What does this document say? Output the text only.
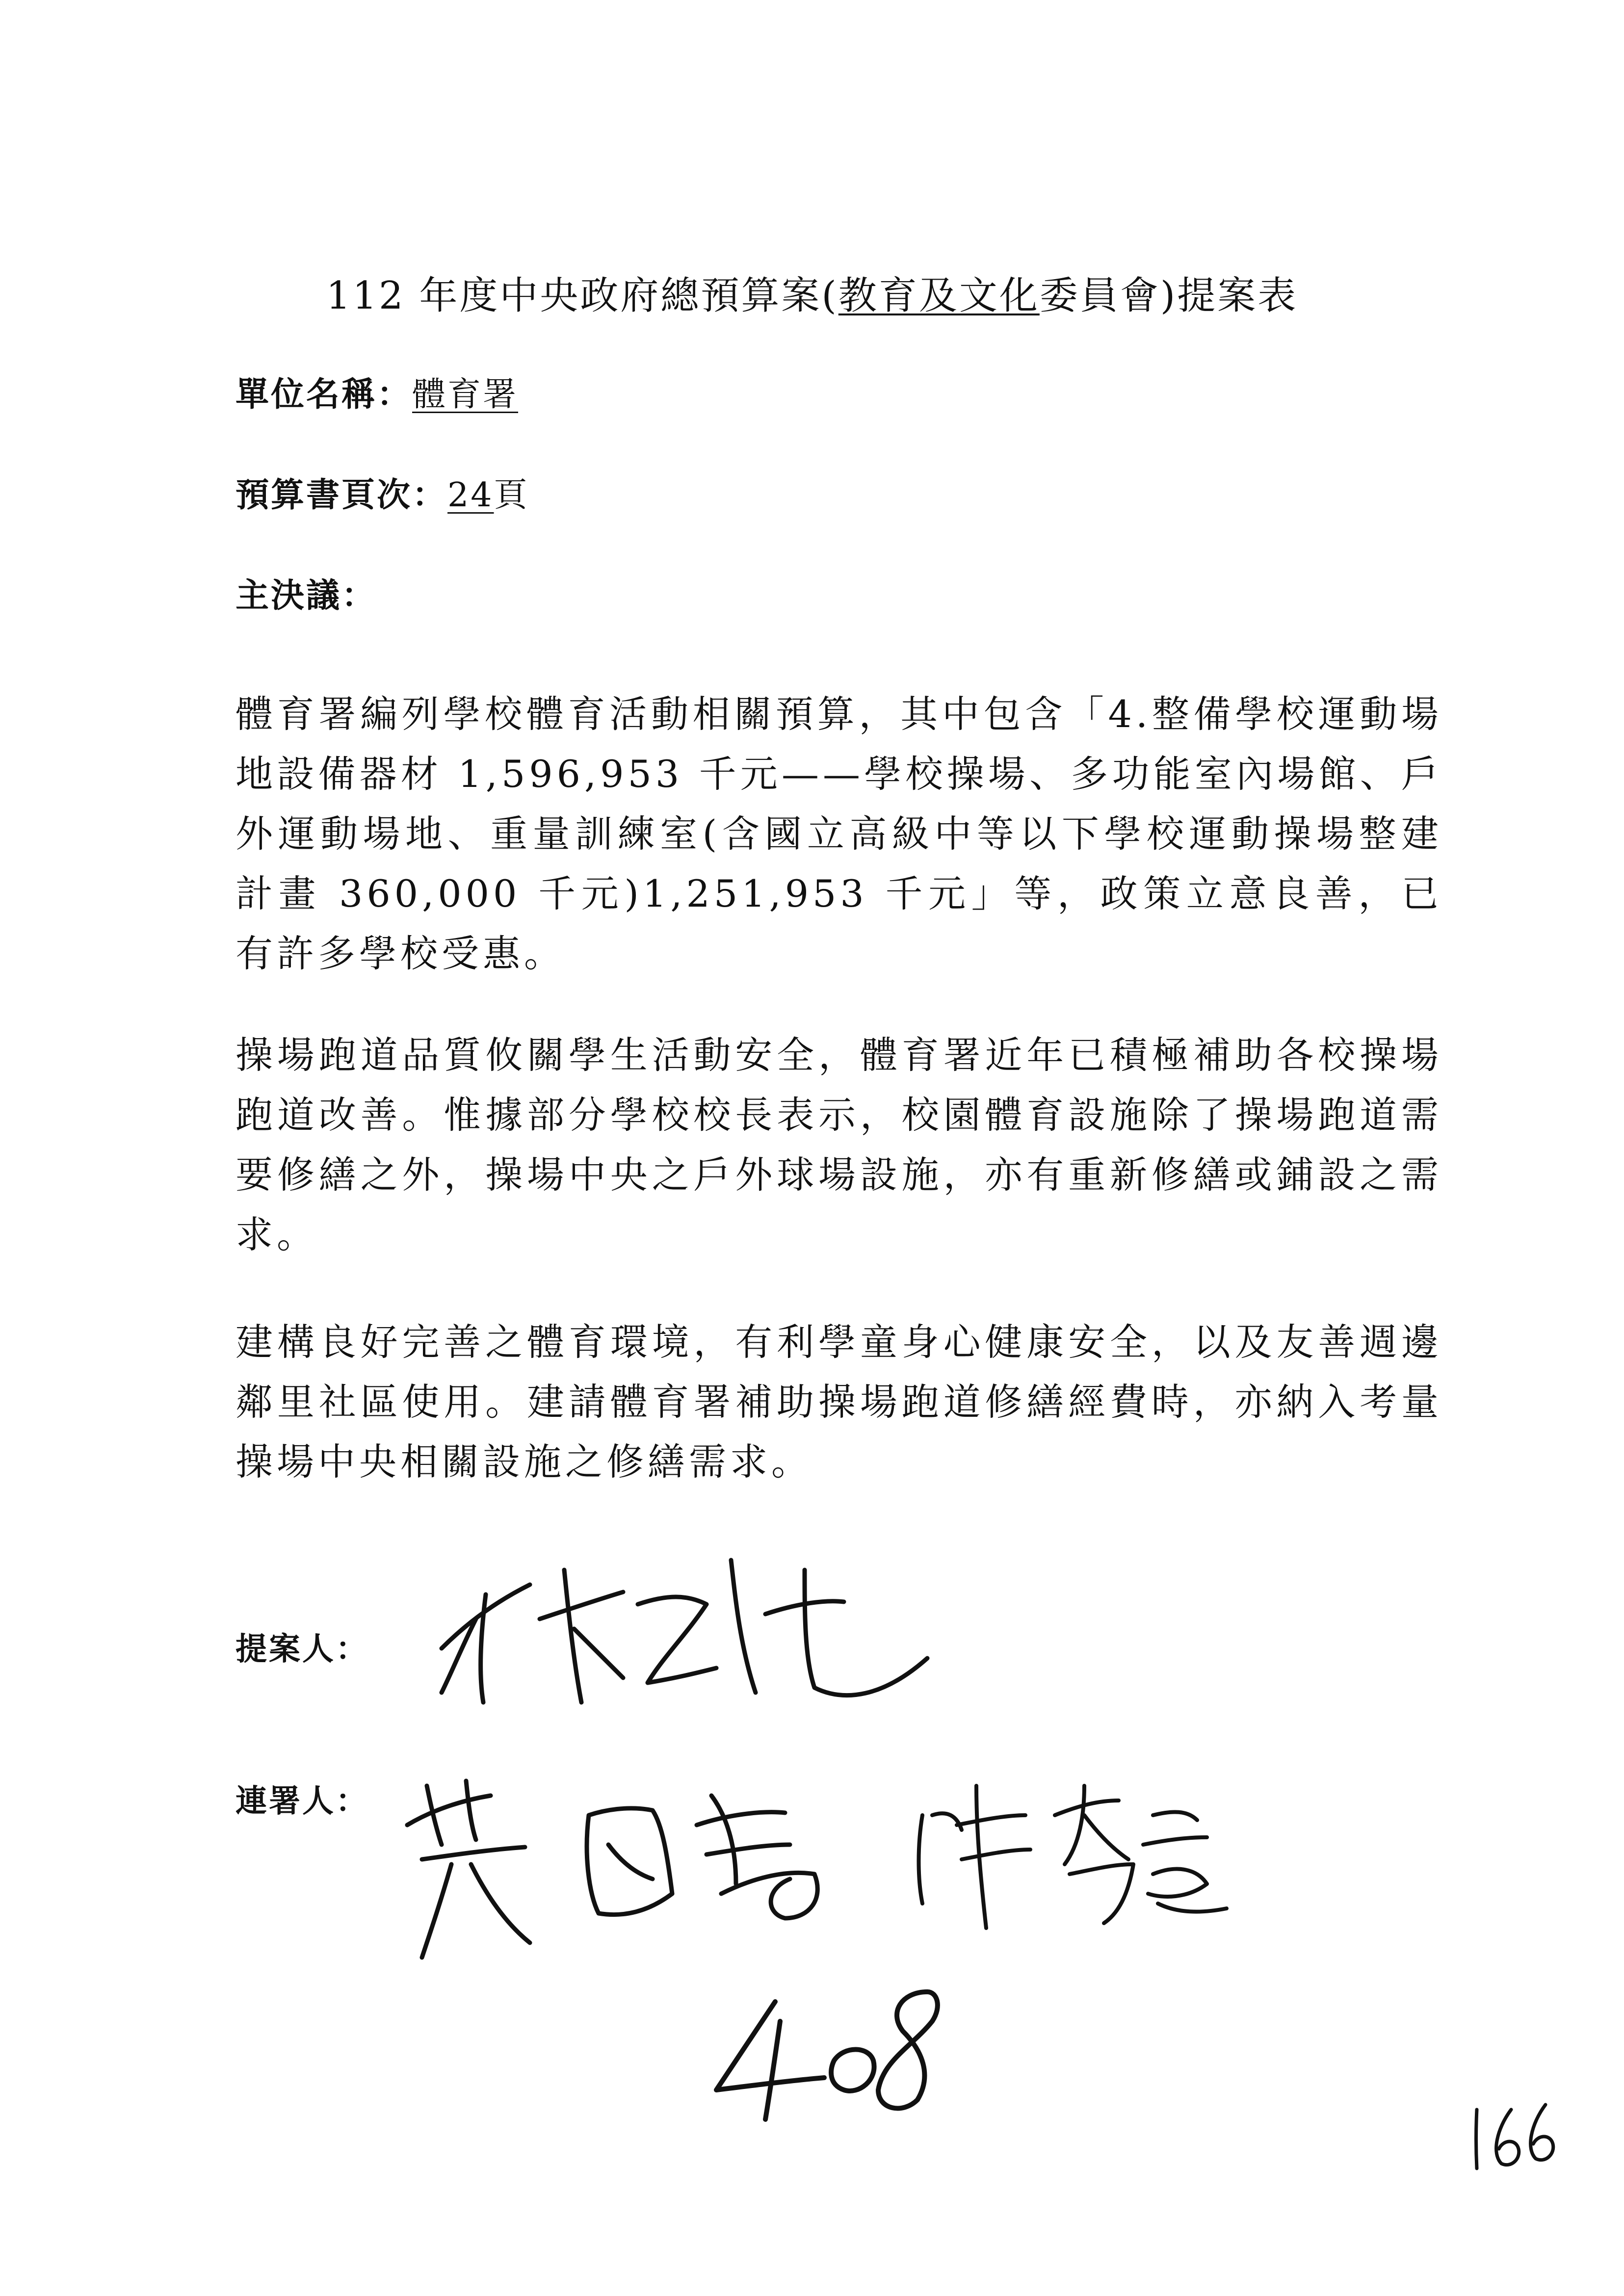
112 年度中央政府總預算案(教育及文化委員會)提案表
單位名稱：體育署
預算書頁次：24頁
主決議：

體育署編列學校體育活動相關預算，其中包含「4.整備學校運動場地設備器材 1,596,953 千元——學校操場、多功能室內場館、戶外運動場地、重量訓練室(含國立高級中等以下學校運動操場整建計畫 360,000 千元)1,251,953 千元」等，政策立意良善，已有許多學校受惠。

操場跑道品質攸關學生活動安全，體育署近年已積極補助各校操場跑道改善。惟據部分學校校長表示，校園體育設施除了操場跑道需要修繕之外，操場中央之戶外球場設施，亦有重新修繕或鋪設之需求。

建構良好完善之體育環境，有利學童身心健康安全，以及友善週邊鄰里社區使用。建請體育署補助操場跑道修繕經費時，亦納入考量操場中央相關設施之修繕需求。

提案人：
連署人：
